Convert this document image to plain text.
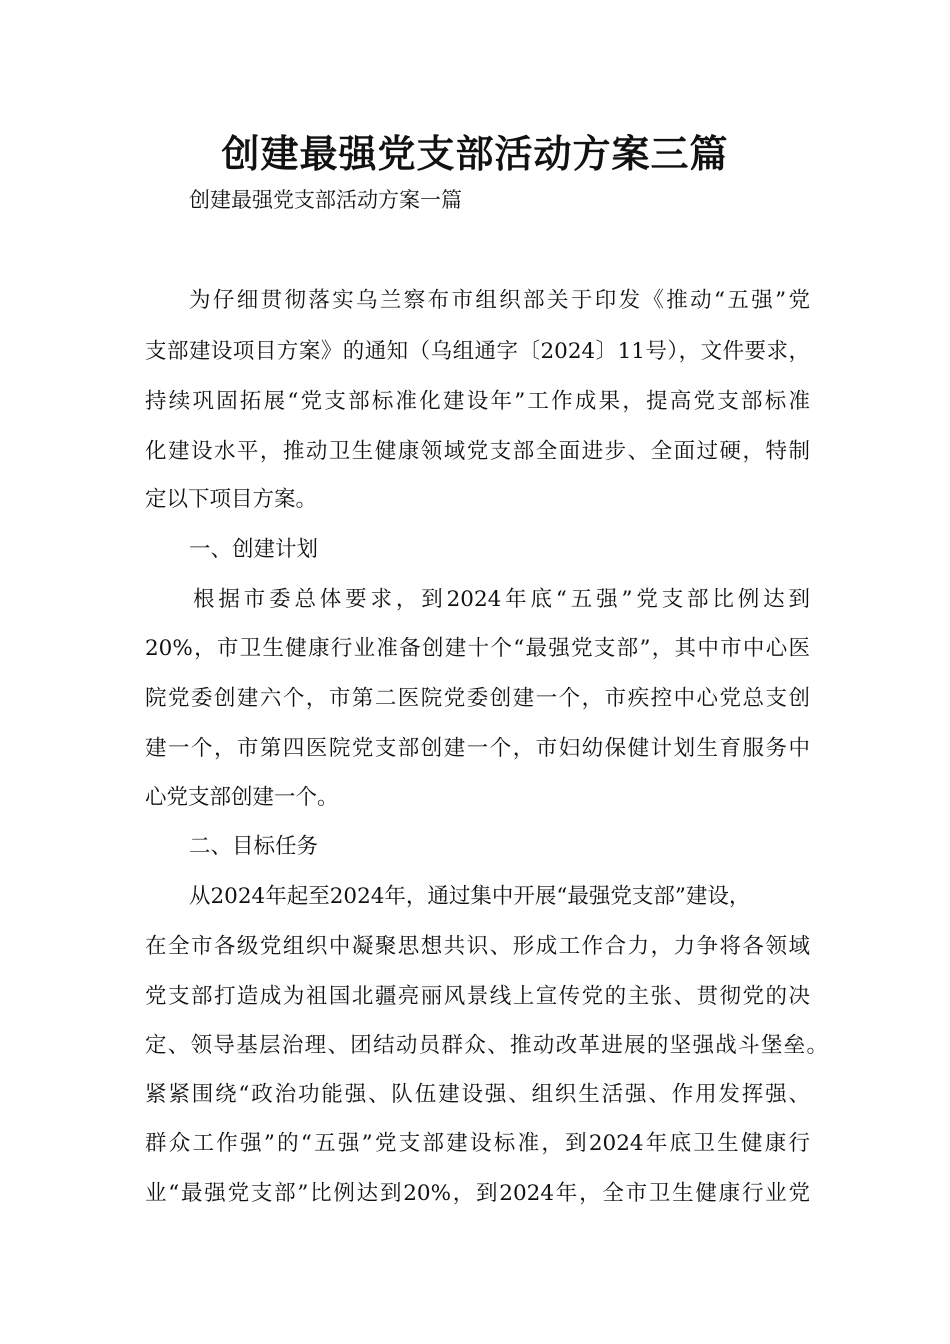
创建最强党支部活动方案三篇

创建最强党支部活动方案一篇

为仔细贯彻落实乌兰察布市组织部关于印发《推动“五强”党

支部建设项目方案》的通知（乌组通字〔2024〕11号），文件要求，

持续巩固拓展“党支部标准化建设年”工作成果，提高党支部标准

化建设水平，推动卫生健康领域党支部全面进步、全面过硬，特制

定以下项目方案。

一、创建计划

根据市委总体要求，到2024年底“五强”党支部比例达到

20%，市卫生健康行业准备创建十个“最强党支部”，其中市中心医

院党委创建六个，市第二医院党委创建一个，市疾控中心党总支创

建一个，市第四医院党支部创建一个，市妇幼保健计划生育服务中

心党支部创建一个。

二、目标任务

从2024年起至2024年，通过集中开展“最强党支部”建设，

在全市各级党组织中凝聚思想共识、形成工作合力，力争将各领域

党支部打造成为祖国北疆亮丽风景线上宣传党的主张、贯彻党的决

定、领导基层治理、团结动员群众、推动改革进展的坚强战斗堡垒。

紧紧围绕“政治功能强、队伍建设强、组织生活强、作用发挥强、

群众工作强”的“五强”党支部建设标准，到2024年底卫生健康行

业“最强党支部”比例达到20%，到2024年，全市卫生健康行业党
